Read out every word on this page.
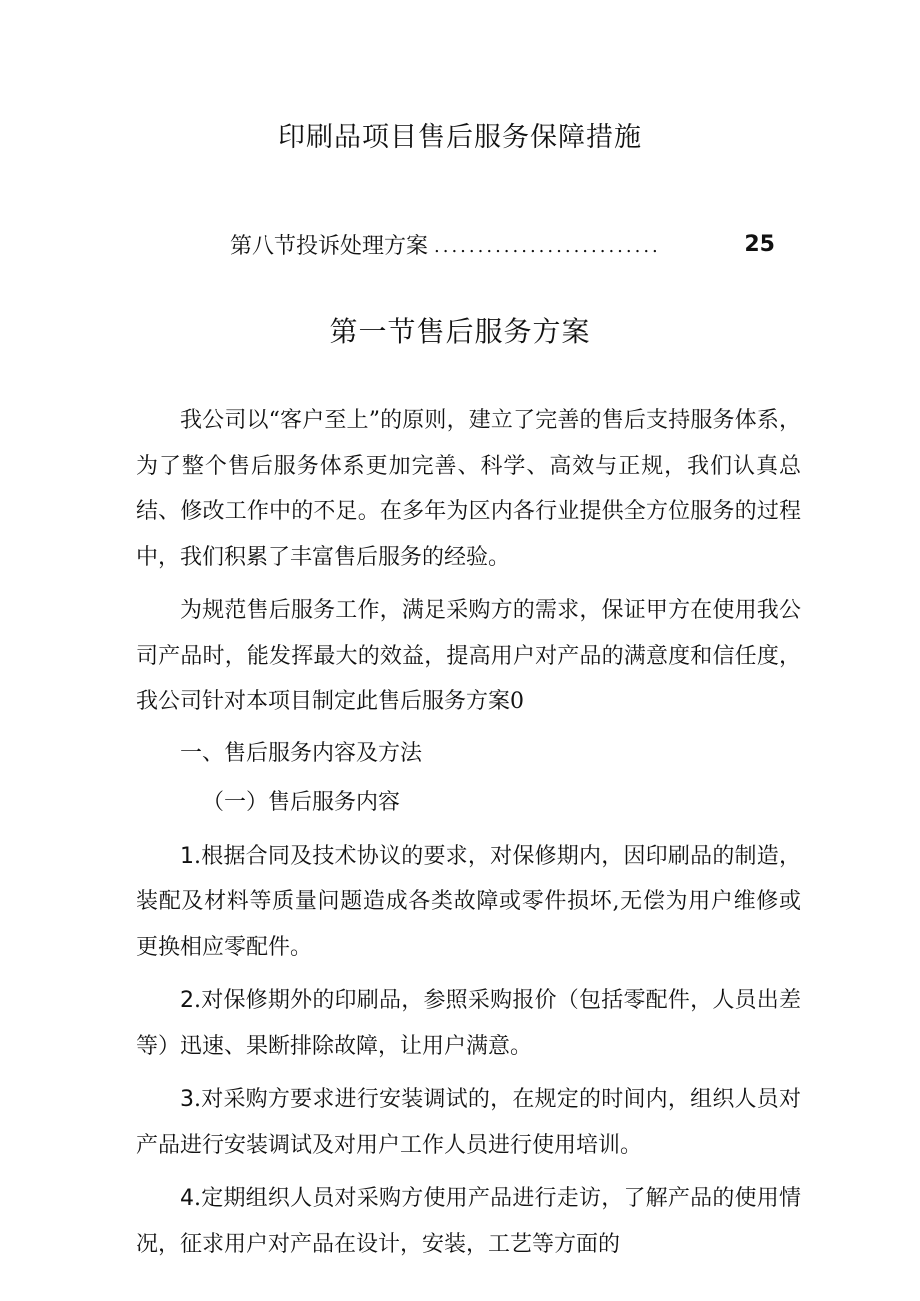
印刷品项目售后服务保障措施
第八节投诉处理方案 ..........................	25
第一节售后服务方案

我公司以“客户至上”的原则，建立了完善的售后支持服务体系，为了整个售后服务体系更加完善、科学、高效与正规，我们认真总结、修改工作中的不足。在多年为区内各行业提供全方位服务的过程中，我们积累了丰富售后服务的经验。

为规范售后服务工作，满足采购方的需求，保证甲方在使用我公司产品时，能发挥最大的效益，提高用户对产品的满意度和信任度，我公司针对本项目制定此售后服务方案0

一、售后服务内容及方法

（一）售后服务内容

1.根据合同及技术协议的要求，对保修期内，因印刷品的制造，装配及材料等质量问题造成各类故障或零件损坏,无偿为用户维修或更换相应零配件。

2.对保修期外的印刷品，参照采购报价（包括零配件，人员出差等）迅速、果断排除故障，让用户满意。

3.对采购方要求进行安装调试的，在规定的时间内，组织人员对产品进行安装调试及对用户工作人员进行使用培训。

4.定期组织人员对采购方使用产品进行走访，了解产品的使用情况，征求用户对产品在设计，安装，工艺等方面的
